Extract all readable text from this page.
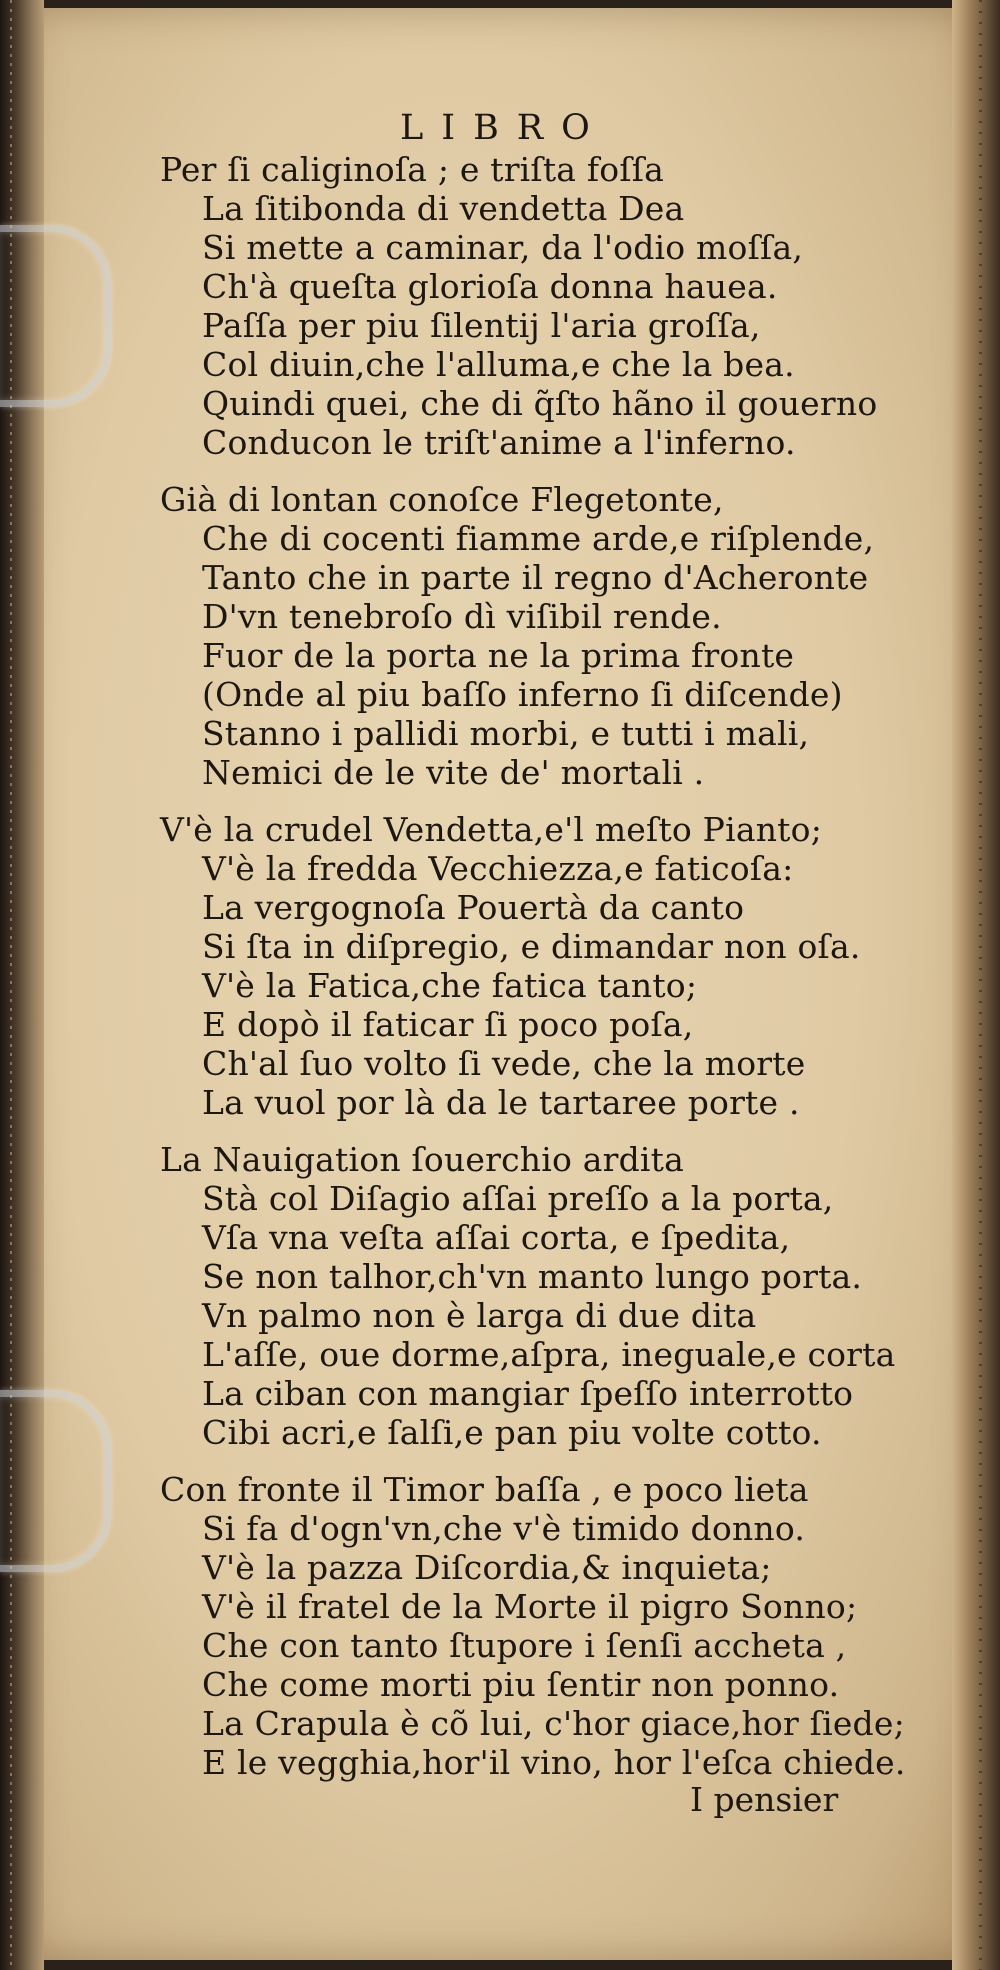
LIBRO
Per ſi caliginoſa ; e triſta foſſa
La ſitibonda di vendetta Dea
Si mette a caminar, da l'odio moſſa,
Ch'à queſta glorioſa donna hauea.
Paſſa per piu ſilentij l'aria groſſa,
Col diuin,che l'alluma,e che la bea.
Quindi quei, che di q̃ſto hãno il gouerno
Conducon le triſt'anime a l'inferno.
Già di lontan conoſce Flegetonte,
Che di cocenti fiamme arde,e riſplende,
Tanto che in parte il regno d'Acheronte
D'vn tenebroſo dì viſibil rende.
Fuor de la porta ne la prima fronte
(Onde al piu baſſo inferno ſi diſcende)
Stanno i pallidi morbi, e tutti i mali,
Nemici de le vite de' mortali .
V'è la crudel Vendetta,e'l meſto Pianto;
V'è la fredda Vecchiezza,e faticoſa:
La vergognoſa Pouertà da canto
Si ſta in diſpregio, e dimandar non oſa.
V'è la Fatica,che fatica tanto;
E dopò il faticar ſi poco poſa,
Ch'al ſuo volto ſi vede, che la morte
La vuol por là da le tartaree porte .
La Nauigation ſouerchio ardita
Stà col Diſagio aſſai preſſo a la porta,
Vſa vna veſta aſſai corta, e ſpedita,
Se non talhor,ch'vn manto lungo porta.
Vn palmo non è larga di due dita
L'aſſe, oue dorme,aſpra, ineguale,e corta
La ciban con mangiar ſpeſſo interrotto
Cibi acri,e ſalſi,e pan piu volte cotto.
Con fronte il Timor baſſa , e poco lieta
Si fa d'ogn'vn,che v'è timido donno.
V'è la pazza Diſcordia,& inquieta;
V'è il fratel de la Morte il pigro Sonno;
Che con tanto ſtupore i ſenſi accheta ,
Che come morti piu ſentir non ponno.
La Crapula è cõ lui, c'hor giace,hor ſiede;
E le vegghia,hor'il vino, hor l'eſca chiede.
I pensier
